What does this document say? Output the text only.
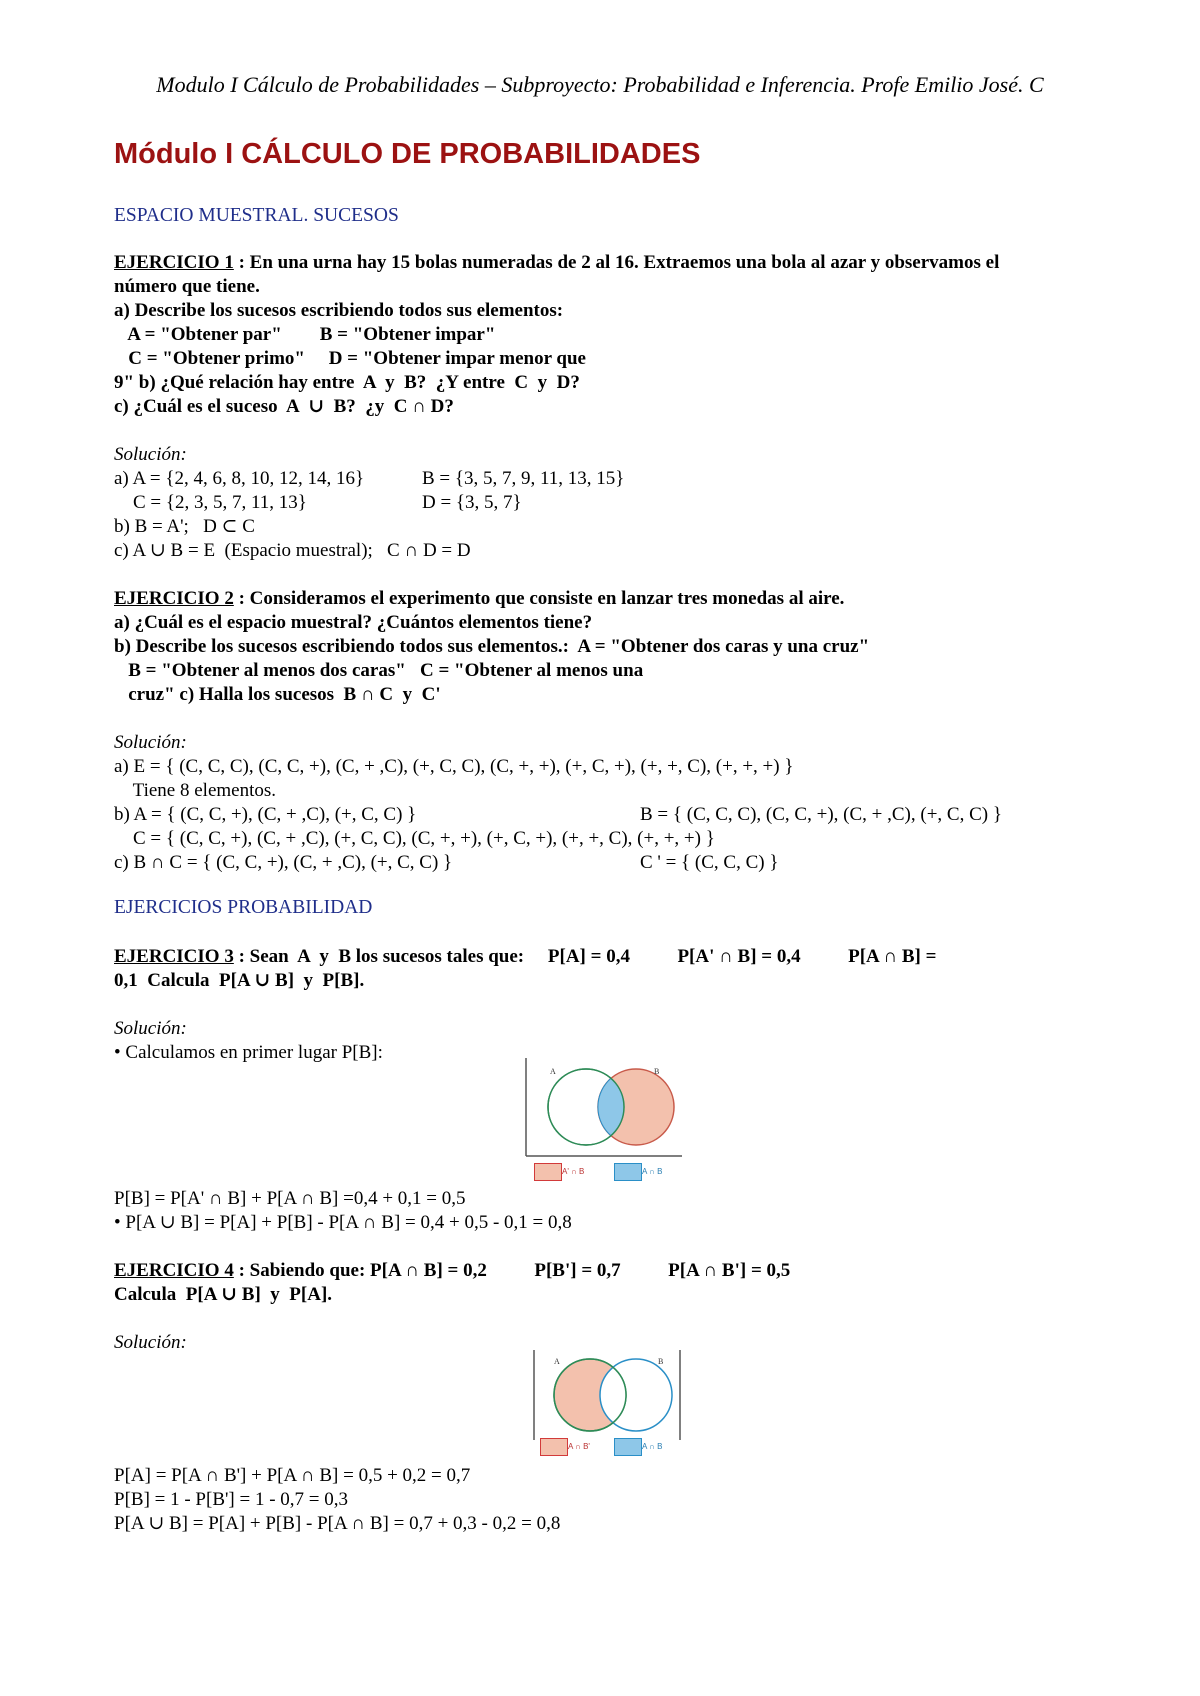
Modulo I Cálculo de Probabilidades – Subproyecto: Probabilidad e Inferencia. Profe Emilio José. C
Módulo I CÁLCULO DE PROBABILIDADES
ESPACIO MUESTRAL. SUCESOS
EJERCICIO 1 : En una urna hay 15 bolas numeradas de 2 al 16. Extraemos una bola al azar y observamos el
número que tiene.
a) Describe los sucesos escribiendo todos sus elementos:
A = "Obtener par"        B = "Obtener impar"
C = "Obtener primo"     D = "Obtener impar menor que
9" b) ¿Qué relación hay entre  A  y  B?  ¿Y entre  C  y  D?
c) ¿Cuál es el suceso  A  ∪  B?  ¿y  C ∩ D?
Solución:
a) A = {2, 4, 6, 8, 10, 12, 14, 16}	B = {3, 5, 7, 9, 11, 13, 15}
C = {2, 3, 5, 7, 11, 13}	D = {3, 5, 7}
b) B = A';   D ⊂ C
c) A ∪ B = E  (Espacio muestral);   C ∩ D = D
EJERCICIO 2 : Consideramos el experimento que consiste en lanzar tres monedas al aire.
a) ¿Cuál es el espacio muestral? ¿Cuántos elementos tiene?
b) Describe los sucesos escribiendo todos sus elementos.:  A = "Obtener dos caras y una cruz"
B = "Obtener al menos dos caras"   C = "Obtener al menos una
cruz" c) Halla los sucesos  B ∩ C  y  C'
Solución:
a) E = { (C, C, C), (C, C, +), (C, + ,C), (+, C, C), (C, +, +), (+, C, +), (+, +, C), (+, +, +) }
Tiene 8 elementos.
b) A = { (C, C, +), (C, + ,C), (+, C, C) }	B = { (C, C, C), (C, C, +), (C, + ,C), (+, C, C) }
C = { (C, C, +), (C, + ,C), (+, C, C), (C, +, +), (+, C, +), (+, +, C), (+, +, +) }
c) B ∩ C = { (C, C, +), (C, + ,C), (+, C, C) }	C ' = { (C, C, C) }
EJERCICIOS PROBABILIDAD
EJERCICIO 3 : Sean  A  y  B los sucesos tales que:     P[A] = 0,4          P[A' ∩ B] = 0,4          P[A ∩ B] =
0,1  Calcula  P[A ∪ B]  y  P[B].
Solución:
• Calculamos en primer lugar P[B]:
A	B
A' ∩ B	A ∩ B
P[B] = P[A' ∩ B] + P[A ∩ B] =0,4 + 0,1 = 0,5
• P[A ∪ B] = P[A] + P[B] - P[A ∩ B] = 0,4 + 0,5 - 0,1 = 0,8
EJERCICIO 4 : Sabiendo que: P[A ∩ B] = 0,2          P[B'] = 0,7          P[A ∩ B'] = 0,5
Calcula  P[A ∪ B]  y  P[A].
Solución:
A	B
A ∩ B'	A ∩ B
P[A] = P[A ∩ B'] + P[A ∩ B] = 0,5 + 0,2 = 0,7
P[B] = 1 - P[B'] = 1 - 0,7 = 0,3
P[A ∪ B] = P[A] + P[B] - P[A ∩ B] = 0,7 + 0,3 - 0,2 = 0,8
